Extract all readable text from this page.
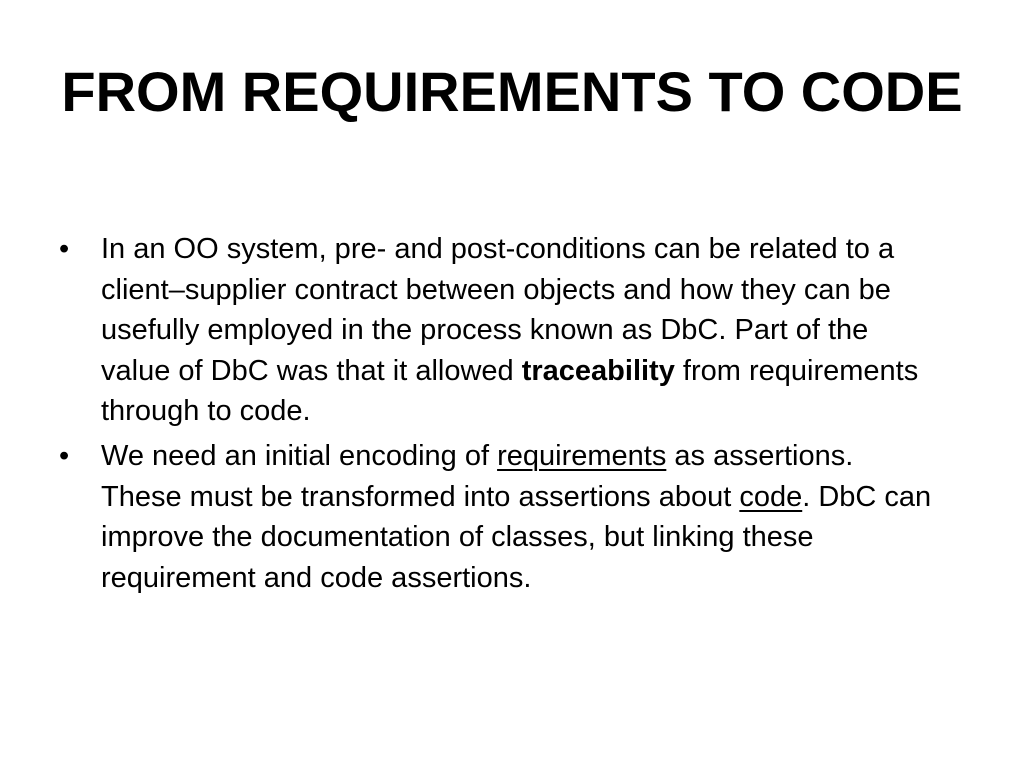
FROM REQUIREMENTS TO CODE
• In an OO system, pre- and post-conditions can be related to a client–supplier contract between objects and how they can be usefully employed in the process known as DbC. Part of the value of DbC was that it allowed traceability from requirements through to code.
• We need an initial encoding of requirements as assertions. These must be transformed into assertions about code. DbC can improve the documentation of classes, but linking these requirement and code assertions.
